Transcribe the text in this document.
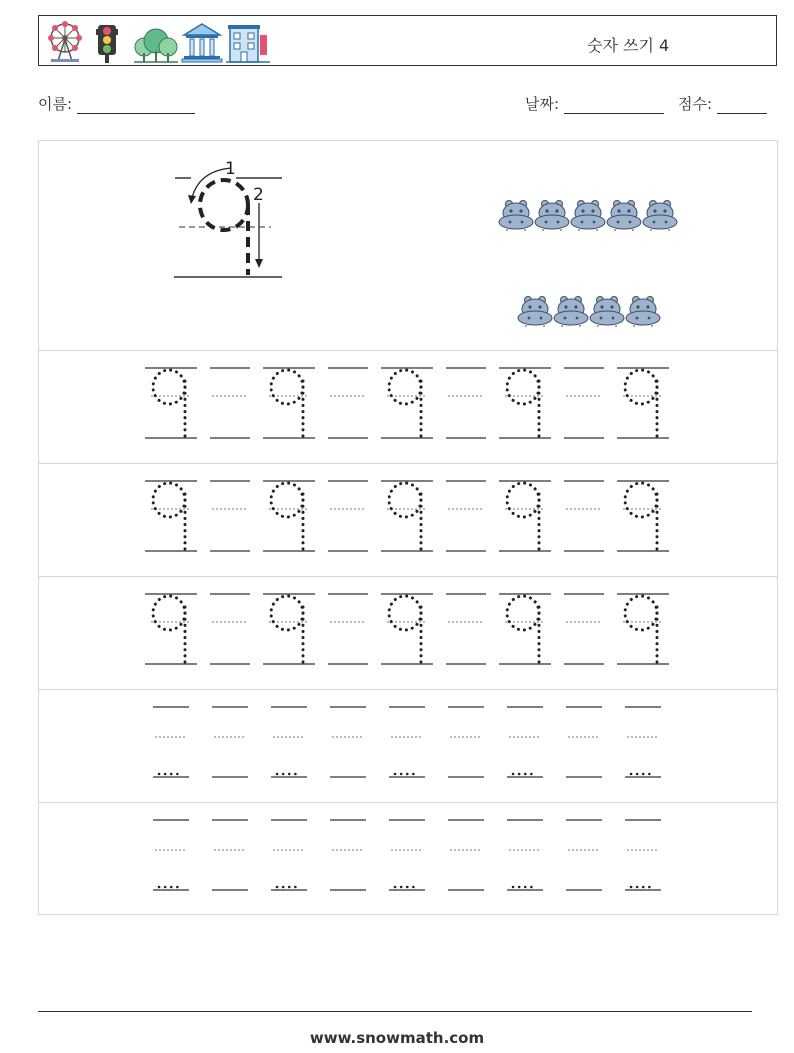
숫자 쓰기 4
이름:	날짜:	점수:
1
2
www.snowmath.com
